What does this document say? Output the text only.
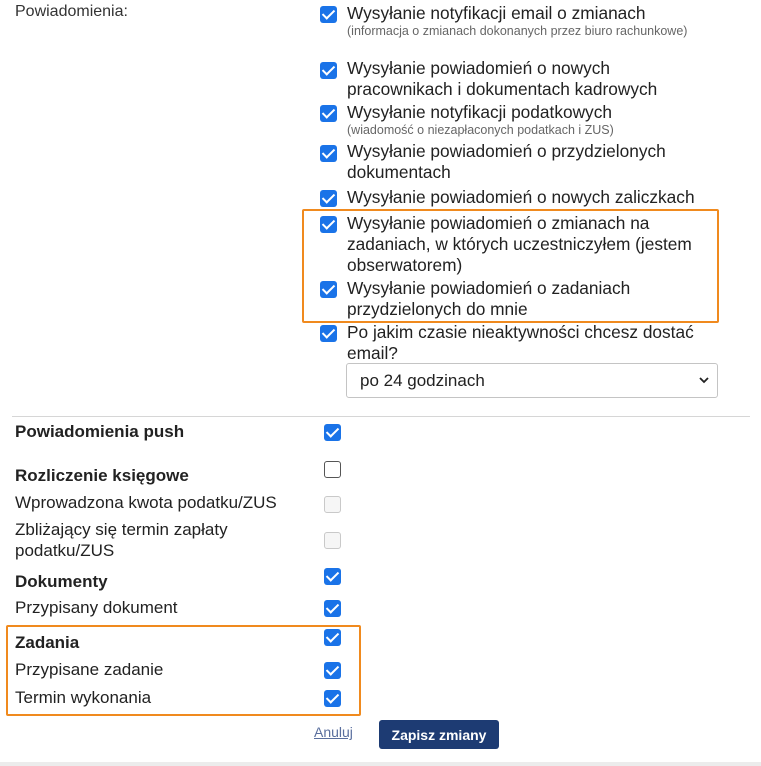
Powiadomienia:	Wysyłanie notyfikacji email o zmianach
(informacja o zmianach dokonanych przez biuro rachunkowe)
Wysyłanie powiadomień o nowych pracownikach i dokumentach kadrowych
Wysyłanie notyfikacji podatkowych
(wiadomość o niezapłaconych podatkach i ZUS)
Wysyłanie powiadomień o przydzielonych dokumentach
Wysyłanie powiadomień o nowych zaliczkach
Wysyłanie powiadomień o zmianach na zadaniach, w których uczestniczyłem (jestem obserwatorem)
Wysyłanie powiadomień o zadaniach przydzielonych do mnie
Po jakim czasie nieaktywności chcesz dostać email?
po 24 godzinach
Powiadomienia push
Rozliczenie księgowe
Wprowadzona kwota podatku/ZUS
Zbliżający się termin zapłaty podatku/ZUS
Dokumenty
Przypisany dokument
Zadania
Przypisane zadanie
Termin wykonania
Anuluj	Zapisz zmiany
